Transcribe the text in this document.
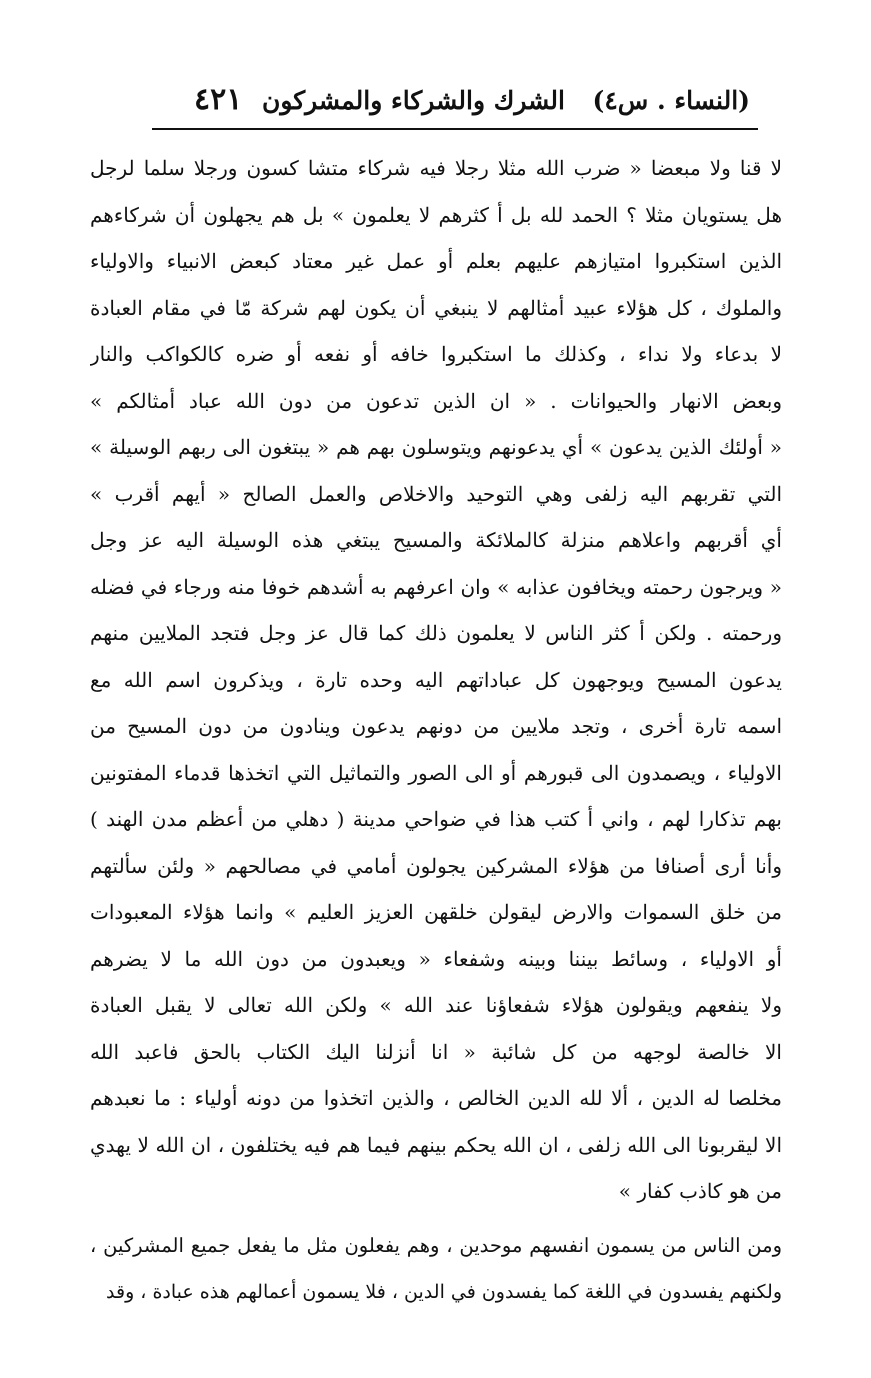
(النساء . س٤)
الشرك والشركاء والمشركون
٤٢١
لا قنا ولا مبعضا « ضرب الله مثلا رجلا فيه شركاء متشا كسون ورجلا سلما لرجل
هل يستويان مثلا ؟ الحمد لله بل أ كثرهم لا يعلمون » بل هم يجهلون أن شركاءهم
الذين استكبروا امتيازهم عليهم بعلم أو عمل غير معتاد كبعض الانبياء والاولياء
والملوك ، كل هؤلاء عبيد أمثالهم لا ينبغي أن يكون لهم شركة مّا في مقام العبادة
لا بدعاء ولا نداء ، وكذلك ما استكبروا خافه أو نفعه أو ضره كالكواكب والنار
وبعض الانهار والحيوانات . « ان الذين تدعون من دون الله عباد أمثالكم »
« أولئك الذين يدعون » أي يدعونهم ويتوسلون بهم هم « يبتغون الى ربهم الوسيلة »
التي تقربهم اليه زلفى وهي التوحيد والاخلاص والعمل الصالح « أيهم أقرب »
أي أقربهم واعلاهم منزلة كالملائكة والمسيح يبتغي هذه الوسيلة اليه عز وجل
« ويرجون رحمته ويخافون عذابه » وان اعرفهم به أشدهم خوفا منه ورجاء في فضله
ورحمته . ولكن أ كثر الناس لا يعلمون ذلك كما قال عز وجل فتجد الملايين منهم
يدعون المسيح ويوجهون كل عباداتهم اليه وحده تارة ، ويذكرون اسم الله مع
اسمه تارة أخرى ، وتجد ملايين من دونهم يدعون وينادون من دون المسيح من
الاولياء ، ويصمدون الى قبورهم أو الى الصور والتماثيل التي اتخذها قدماء المفتونين
بهم تذكارا لهم ، واني أ كتب هذا في ضواحي مدينة ( دهلي من أعظم مدن الهند )
وأنا أرى أصنافا من هؤلاء المشركين يجولون أمامي في مصالحهم « ولئن سألتهم
من خلق السموات والارض ليقولن خلقهن العزيز العليم » وانما هؤلاء المعبودات
أو الاولياء ، وسائط بيننا وبينه وشفعاء « ويعبدون من دون الله ما لا يضرهم
ولا ينفعهم ويقولون هؤلاء شفعاؤنا عند الله » ولكن الله تعالى لا يقبل العبادة
الا خالصة لوجهه من كل شائبة « انا أنزلنا اليك الكتاب بالحق فاعبد الله
مخلصا له الدين ، ألا لله الدين الخالص ، والذين اتخذوا من دونه أولياء : ما نعبدهم
الا ليقربونا الى الله زلفى ، ان الله يحكم بينهم فيما هم فيه يختلفون ، ان الله لا يهدي
من هو كاذب كفار »
ومن الناس من يسمون انفسهم موحدين ، وهم يفعلون مثل ما يفعل جميع المشركين ،
ولكنهم يفسدون في اللغة كما يفسدون في الدين ، فلا يسمون أعمالهم هذه عبادة ، وقد
